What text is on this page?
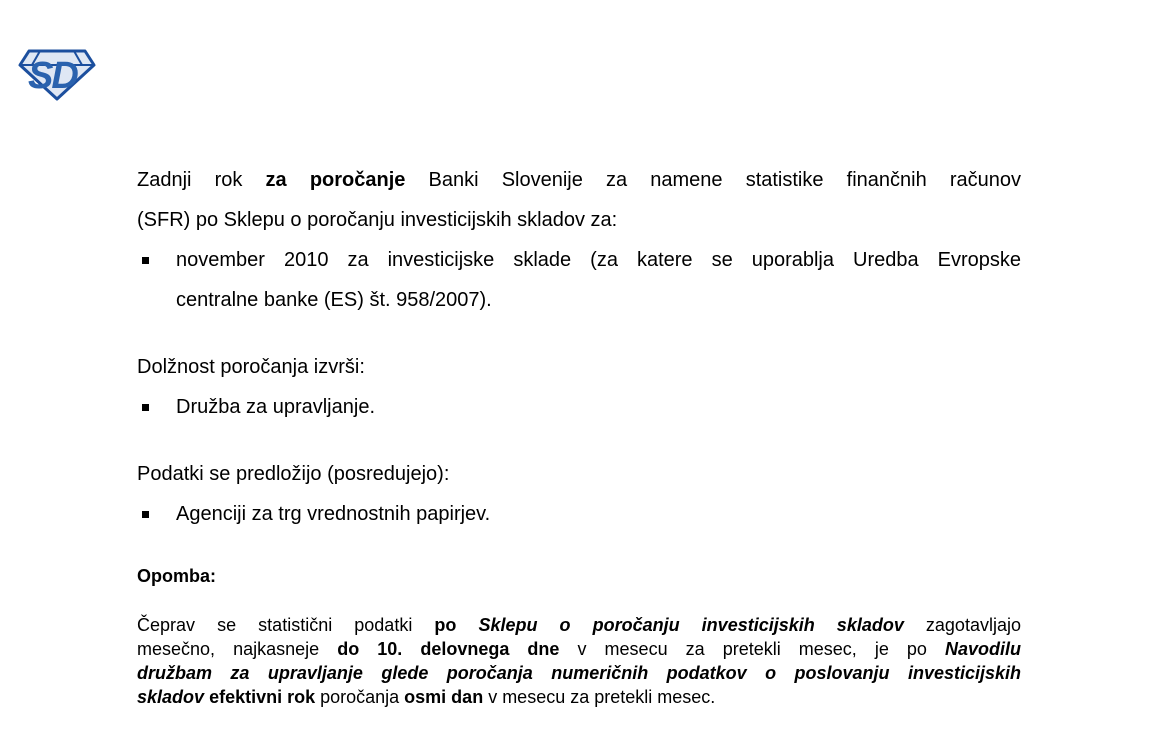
SD
Zadnji rok za poročanje Banki Slovenije za namene statistike finančnih računov
(SFR) po Sklepu o poročanju investicijskih skladov za:
november 2010 za investicijske sklade (za katere se uporablja Uredba Evropske
centralne banke (ES) št. 958/2007).
Dolžnost poročanja izvrši:
Družba za upravljanje.
Podatki se predložijo (posredujejo):
Agenciji za trg vrednostnih papirjev.
Opomba:
Čeprav se statistični podatki po Sklepu o poročanju investicijskih skladov zagotavljajo
mesečno, najkasneje do 10. delovnega dne v mesecu za pretekli mesec, je po Navodilu
družbam za upravljanje glede poročanja numeričnih podatkov o poslovanju investicijskih
skladov efektivni rok poročanja osmi dan v mesecu za pretekli mesec.
